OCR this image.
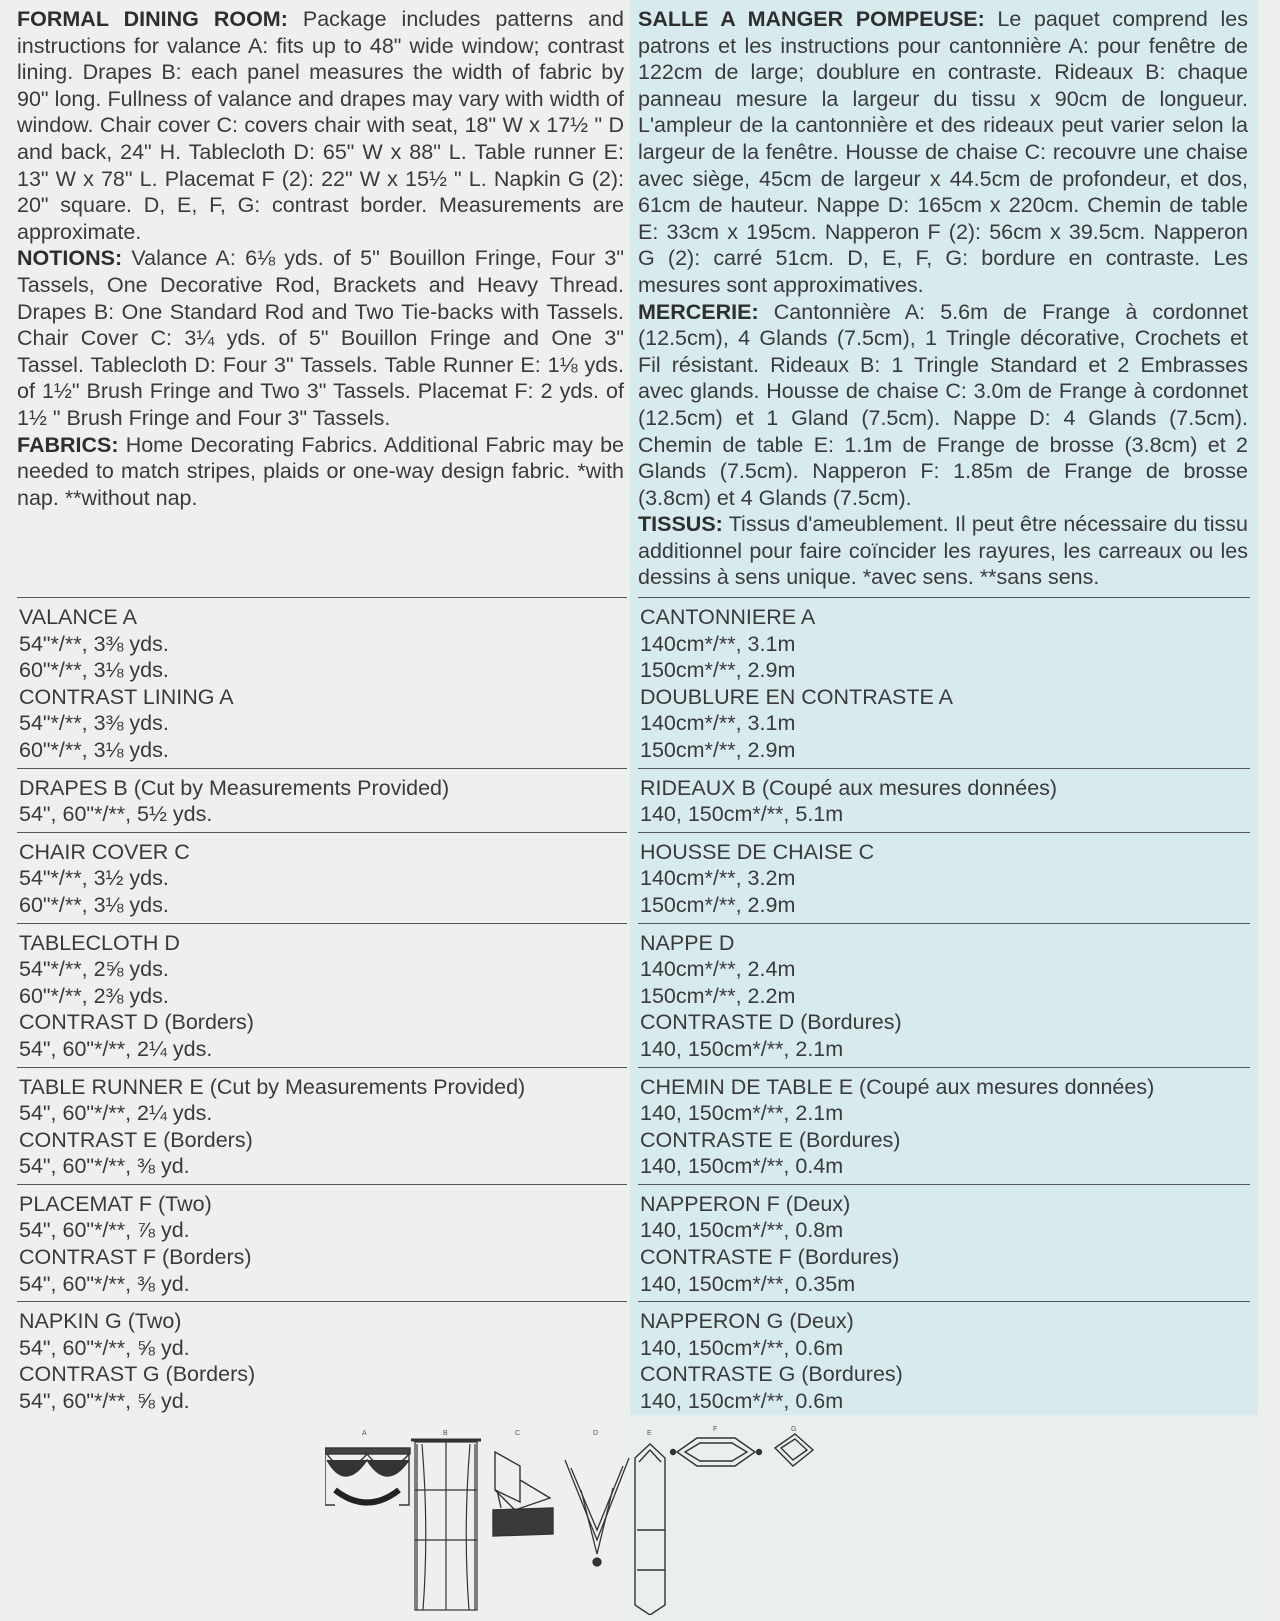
FORMAL DINING ROOM: Package includes patterns and instructions for valance A: fits up to 48" wide window; contrast lining. Drapes B: each panel measures the width of fabric by 90" long. Fullness of valance and drapes may vary with width of window. Chair cover C: covers chair with seat, 18" W x 17½ " D and back, 24" H. Tablecloth D: 65" W x 88" L. Table runner E: 13" W x 78" L. Placemat F (2): 22" W x 15½ " L. Napkin G (2): 20" square. D, E, F, G: contrast border. Measurements are approximate.

NOTIONS: Valance A: 6⅛ yds. of 5" Bouillon Fringe, Four 3" Tassels, One Decorative Rod, Brackets and Heavy Thread. Drapes B: One Standard Rod and Two Tie-backs with Tassels. Chair Cover C: 3¼ yds. of 5" Bouillon Fringe and One 3" Tassel. Tablecloth D: Four 3" Tassels. Table Runner E: 1⅛ yds. of 1½" Brush Fringe and Two 3" Tassels. Placemat F: 2 yds. of 1½ " Brush Fringe and Four 3" Tassels.

FABRICS: Home Decorating Fabrics. Additional Fabric may be needed to match stripes, plaids or one-way design fabric. *with nap. **without nap.

VALANCE A
54"*/**, 3⅜ yds.
60"*/**, 3⅛ yds.
CONTRAST LINING A
54"*/**, 3⅜ yds.
60"*/**, 3⅛ yds.
DRAPES B (Cut by Measurements Provided)
54", 60"*/**, 5½ yds.
CHAIR COVER C
54"*/**, 3½ yds.
60"*/**, 3⅛ yds.
TABLECLOTH D
54"*/**, 2⅝ yds.
60"*/**, 2⅜ yds.
CONTRAST D (Borders)
54", 60"*/**, 2¼ yds.
TABLE RUNNER E (Cut by Measurements Provided)
54", 60"*/**, 2¼ yds.
CONTRAST E (Borders)
54", 60"*/**, ⅜ yd.
PLACEMAT F (Two)
54", 60"*/**, ⅞ yd.
CONTRAST F (Borders)
54", 60"*/**, ⅜ yd.
NAPKIN G (Two)
54", 60"*/**, ⅝ yd.
CONTRAST G (Borders)
54", 60"*/**, ⅝ yd.

SALLE A MANGER POMPEUSE: Le paquet comprend les patrons et les instructions pour cantonnière A: pour fenêtre de 122cm de large; doublure en contraste. Rideaux B: chaque panneau mesure la largeur du tissu x 90cm de longueur. L'ampleur de la cantonnière et des rideaux peut varier selon la largeur de la fenêtre. Housse de chaise C: recouvre une chaise avec siège, 45cm de largeur x 44.5cm de profondeur, et dos, 61cm de hauteur. Nappe D: 165cm x 220cm. Chemin de table E: 33cm x 195cm. Napperon F (2): 56cm x 39.5cm. Napperon G (2): carré 51cm. D, E, F, G: bordure en contraste. Les mesures sont approximatives.

MERCERIE: Cantonnière A: 5.6m de Frange à cordonnet (12.5cm), 4 Glands (7.5cm), 1 Tringle décorative, Crochets et Fil résistant. Rideaux B: 1 Tringle Standard et 2 Embrasses avec glands. Housse de chaise C: 3.0m de Frange à cordonnet (12.5cm) et 1 Gland (7.5cm). Nappe D: 4 Glands (7.5cm). Chemin de table E: 1.1m de Frange de brosse (3.8cm) et 2 Glands (7.5cm). Napperon F: 1.85m de Frange de brosse (3.8cm) et 4 Glands (7.5cm).

TISSUS: Tissus d'ameublement. Il peut être nécessaire du tissu additionnel pour faire coïncider les rayures, les carreaux ou les dessins à sens unique. *avec sens. **sans sens.

CANTONNIERE A
140cm*/**, 3.1m
150cm*/**, 2.9m
DOUBLURE EN CONTRASTE A
140cm*/**, 3.1m
150cm*/**, 2.9m
RIDEAUX B (Coupé aux mesures données)
140, 150cm*/**, 5.1m
HOUSSE DE CHAISE C
140cm*/**, 3.2m
150cm*/**, 2.9m
NAPPE D
140cm*/**, 2.4m
150cm*/**, 2.2m
CONTRASTE D (Bordures)
140, 150cm*/**, 2.1m
CHEMIN DE TABLE E (Coupé aux mesures données)
140, 150cm*/**, 2.1m
CONTRASTE E (Bordures)
140, 150cm*/**, 0.4m
NAPPERON F (Deux)
140, 150cm*/**, 0.8m
CONTRASTE F (Bordures)
140, 150cm*/**, 0.35m
NAPPERON G (Deux)
140, 150cm*/**, 0.6m
CONTRASTE G (Bordures)
140, 150cm*/**, 0.6m
A	B	C	D	E
F	G
